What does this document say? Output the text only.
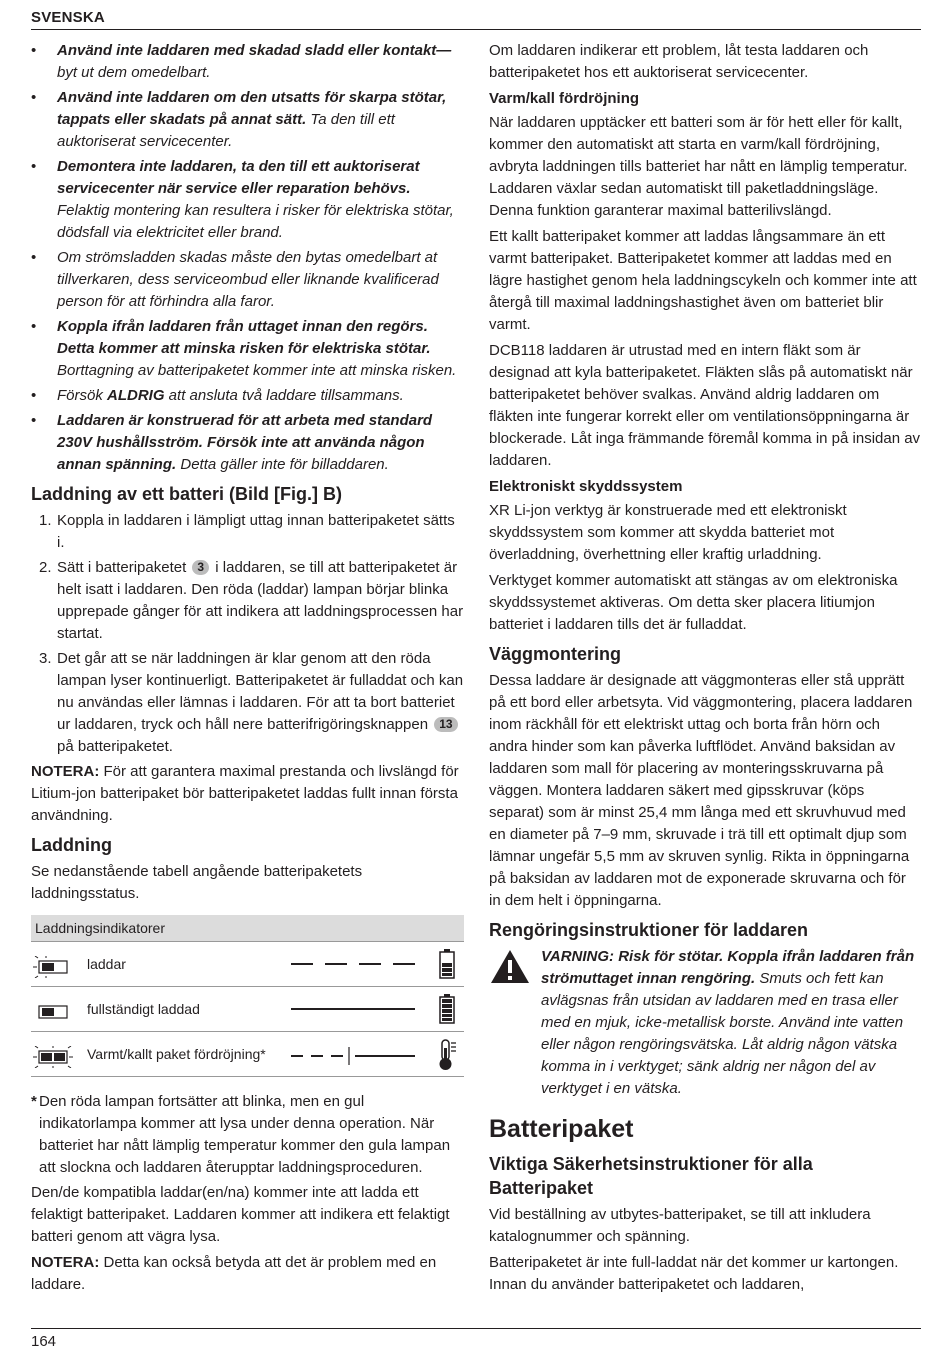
SVENSKA
• Använd inte laddaren med skadad sladd eller kontakt— byt ut dem omedelbart.
• Använd inte laddaren om den utsatts för skarpa stötar, tappats eller skadats på annat sätt. Ta den till ett auktoriserat servicecenter.
• Demontera inte laddaren, ta den till ett auktoriserat servicecenter när service eller reparation behövs. Felaktig montering kan resultera i risker för elektriska stötar, dödsfall via elektricitet eller brand.
• Om strömsladden skadas måste den bytas omedelbart at tillverkaren, dess serviceombud eller liknande kvalificerad person för att förhindra alla faror.
• Koppla ifrån laddaren från uttaget innan den regörs. Detta kommer att minska risken för elektriska stötar. Borttagning av batteripaketet kommer inte att minska risken.
• Försök ALDRIG att ansluta två laddare tillsammans.
• Laddaren är konstruerad för att arbeta med standard 230V hushållsström. Försök inte att använda någon annan spänning. Detta gäller inte för billaddaren.
Laddning av ett batteri (Bild [Fig.] B)
1. Koppla in laddaren i lämpligt uttag innan batteripaketet sätts i.
2. Sätt i batteripaketet 3 i laddaren, se till att batteripaketet är helt isatt i laddaren. Den röda (laddar) lampan börjar blinka upprepade gånger för att indikera att laddningsprocessen har startat.
3. Det går att se när laddningen är klar genom att den röda lampan lyser kontinuerligt. Batteripaketet är fulladdat och kan nu användas eller lämnas i laddaren. För att ta bort batteriet ur laddaren, tryck och håll nere batterifrigöringsknappen 13 på batteripaketet.

NOTERA: För att garantera maximal prestanda och livslängd för Litium-jon batteripaket bör batteripaketet laddas fullt innan första användning.

Laddning

Se nedanstående tabell angående batteripaketets laddningsstatus.

Laddningsindikatorer
laddar
fullständigt laddad
Varmt/kallt paket fördröjning*
* Den röda lampan fortsätter att blinka, men en gul indikatorlampa kommer att lysa under denna operation. När batteriet har nått lämplig temperatur kommer den gula lampan att slockna och laddaren återupptar laddningsproceduren.

Den/de kompatibla laddar(en/na) kommer inte att ladda ett felaktigt batteripaket. Laddaren kommer att indikera ett felaktigt batteri genom att vägra lysa.

NOTERA: Detta kan också betyda att det är problem med en laddare.

Om laddaren indikerar ett problem, låt testa laddaren och batteripaketet hos ett auktoriserat servicecenter.

Varm/kall fördröjning

När laddaren upptäcker ett batteri som är för hett eller för kallt, kommer den automatiskt att starta en varm/kall fördröjning, avbryta laddningen tills batteriet har nått en lämplig temperatur. Laddaren växlar sedan automatiskt till paketladdningsläge. Denna funktion garanterar maximal batterilivslängd.

Ett kallt batteripaket kommer att laddas långsammare än ett varmt batteripaket. Batteripaketet kommer att laddas med en lägre hastighet genom hela laddningscykeln och kommer inte att återgå till maximal laddningshastighet även om batteriet blir varmt.

DCB118 laddaren är utrustad med en intern fläkt som är designad att kyla batteripaketet. Fläkten slås på automatiskt när batteripaketet behöver svalkas. Använd aldrig laddaren om fläkten inte fungerar korrekt eller om ventilationsöppningarna är blockerade. Låt inga främmande föremål komma in på insidan av laddaren.

Elektroniskt skyddssystem

XR Li-jon verktyg är konstruerade med ett elektroniskt skyddssystem som kommer att skydda batteriet mot överladdning, överhettning eller kraftig urladdning.

Verktyget kommer automatiskt att stängas av om elektroniska skyddssystemet aktiveras. Om detta sker placera litiumjon batteriet i laddaren tills det är fulladdat.

Väggmontering

Dessa laddare är designade att väggmonteras eller stå upprätt på ett bord eller arbetsyta. Vid väggmontering, placera laddaren inom räckhåll för ett elektriskt uttag och borta från hörn och andra hinder som kan påverka luftflödet. Använd baksidan av laddaren som mall för placering av monteringsskruvarna på väggen. Montera laddaren säkert med gipsskruvar (köps separat) som är minst 25,4 mm långa med ett skruvhuvud med en diameter på 7–9 mm, skruvade i trä till ett optimalt djup som lämnar ungefär 5,5 mm av skruven synlig. Rikta in öppningarna på baksidan av laddaren mot de exponerade skruvarna och för in dem helt i öppningarna.

Rengöringsinstruktioner för laddaren
VARNING: Risk för stötar. Koppla ifrån laddaren från strömuttaget innan rengöring. Smuts och fett kan avlägsnas från utsidan av laddaren med en trasa eller med en mjuk, icke-metallisk borste. Använd inte vatten eller någon rengöringsvätska. Låt aldrig någon vätska komma in i verktyget; sänk aldrig ner någon del av verktyget i en vätska.
Batteripaket
Viktiga Säkerhetsinstruktioner för alla Batteripaket

Vid beställning av utbytes-batteripaket, se till att inkludera katalognummer och spänning.

Batteripaketet är inte full-laddat när det kommer ur kartongen. Innan du använder batteripaketet och laddaren,

164
